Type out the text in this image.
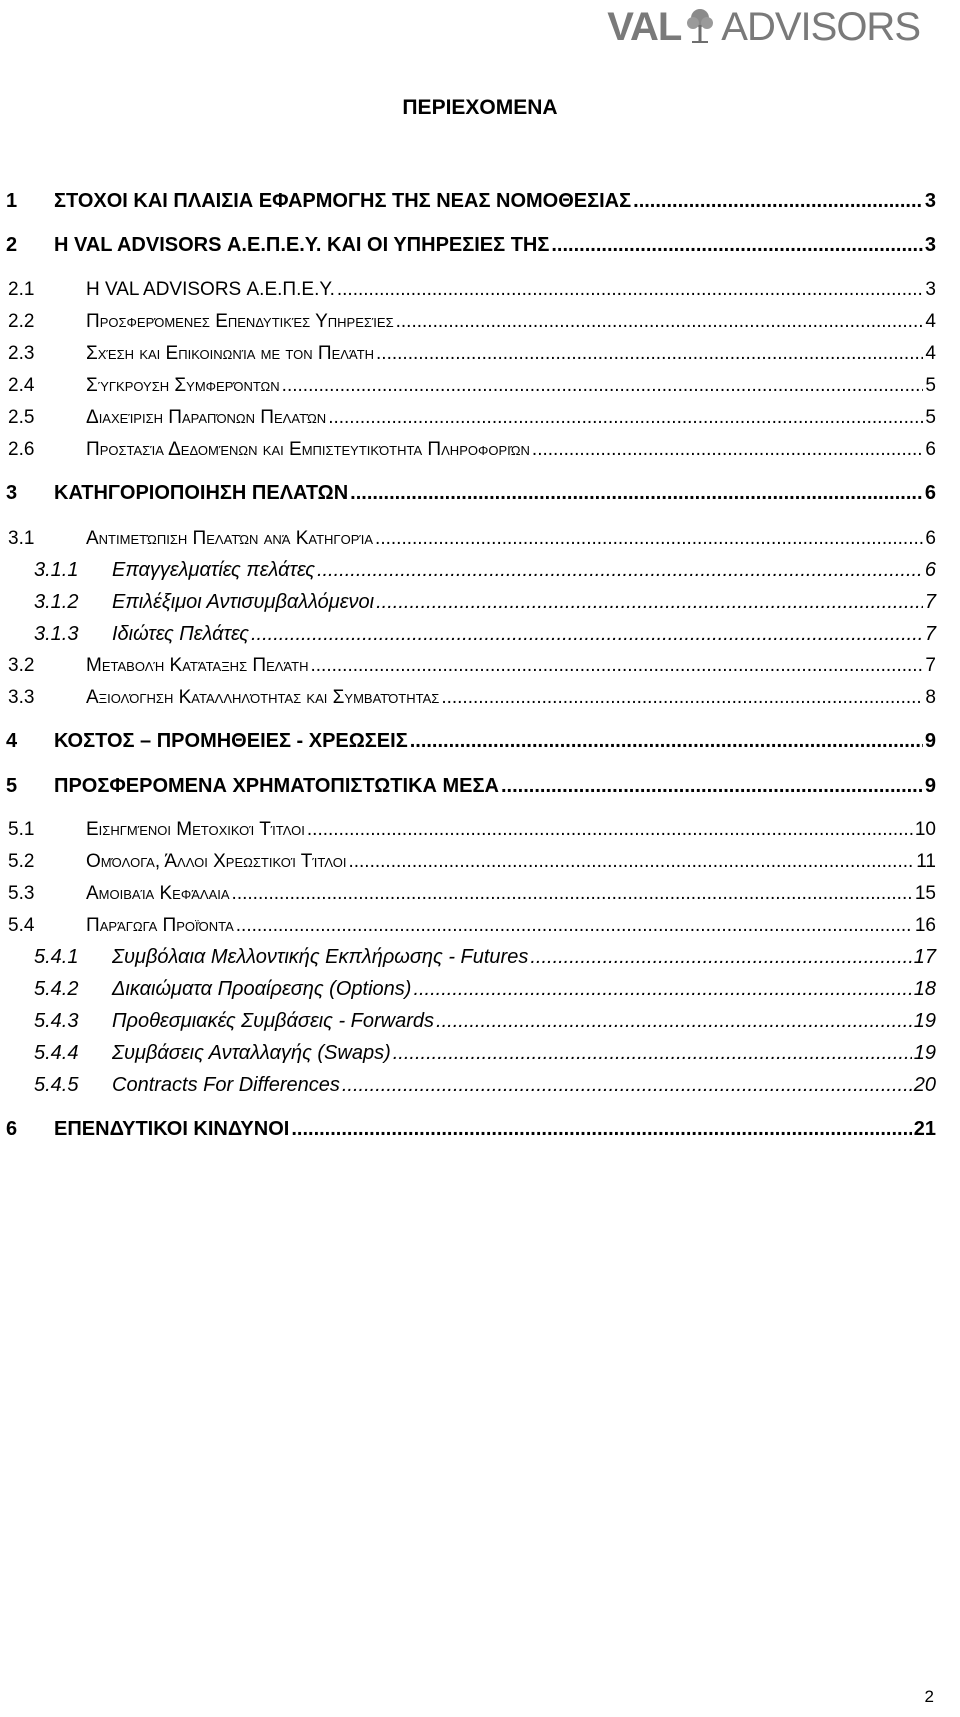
VAL ADVISORS
ΠΕΡΙΕΧΟΜΕΝΑ
1 ΣΤΟΧΟΙ ΚΑΙ ΠΛΑΙΣΙΑ ΕΦΑΡΜΟΓΗΣ ΤΗΣ ΝΕΑΣ ΝΟΜΟΘΕΣΙΑΣ .....	3
2 Η VAL ADVISORS Α.Ε.Π.Ε.Υ. ΚΑΙ ΟΙ ΥΠΗΡΕΣΙΕΣ ΤΗΣ .....	3
2.1	Η VAL ADVISORS Α.Ε.Π.Ε.Υ. .....	3
2.2	Προσφερόμενες Επενδυτικές Υπηρεσίες .....	4
2.3	Σχέση και Επικοινωνία με τον Πελάτη .....	4
2.4	Σύγκρουση Συμφερόντων .....	5
2.5	Διαχείριση Παραπόνων Πελατών .....	5
2.6	Προστασία Δεδομένων και Εμπιστευτικότητα Πληροφοριών .....	6
3 ΚΑΤΗΓΟΡΙΟΠΟΙΗΣΗ ΠΕΛΑΤΩΝ .....	6
3.1	Αντιμετώπιση Πελατών ανά Κατηγορία .....	6
3.1.1 Επαγγελματίες πελάτες .....	6
3.1.2 Επιλέξιμοι Αντισυμβαλλόμενοι .....	7
3.1.3 Ιδιώτες Πελάτες .....	7
3.2	Μεταβολή Κατάταξης Πελάτη .....	7
3.3	Αξιολόγηση Καταλληλότητας και Συμβατότητας .....	8
4 ΚΟΣΤΟΣ – ΠΡΟΜΗΘΕΙΕΣ - ΧΡΕΩΣΕΙΣ .....	9
5 ΠΡΟΣΦΕΡΟΜΕΝΑ ΧΡΗΜΑΤΟΠΙΣΤΩΤΙΚΑ ΜΕΣΑ .....	9
5.1	Εισηγμένοι Μετοχικοί Τίτλοι .....	10
5.2	Ομόλογα, Άλλοι Χρεωστικοί Τίτλοι .....	11
5.3	Αμοιβαία Κεφάλαια .....	15
5.4	Παράγωγα Προϊόντα .....	16
5.4.1 Συμβόλαια Μελλοντικής Εκπλήρωσης - Futures .....	17
5.4.2 Δικαιώματα Προαίρεσης (Options) .....	18
5.4.3 Προθεσμιακές Συμβάσεις - Forwards .....	19
5.4.4 Συμβάσεις Ανταλλαγής (Swaps) .....	19
5.4.5 Contracts For Differences .....	20
6 ΕΠΕΝΔΥΤΙΚΟΙ ΚΙΝΔΥΝΟΙ .....	21
2
